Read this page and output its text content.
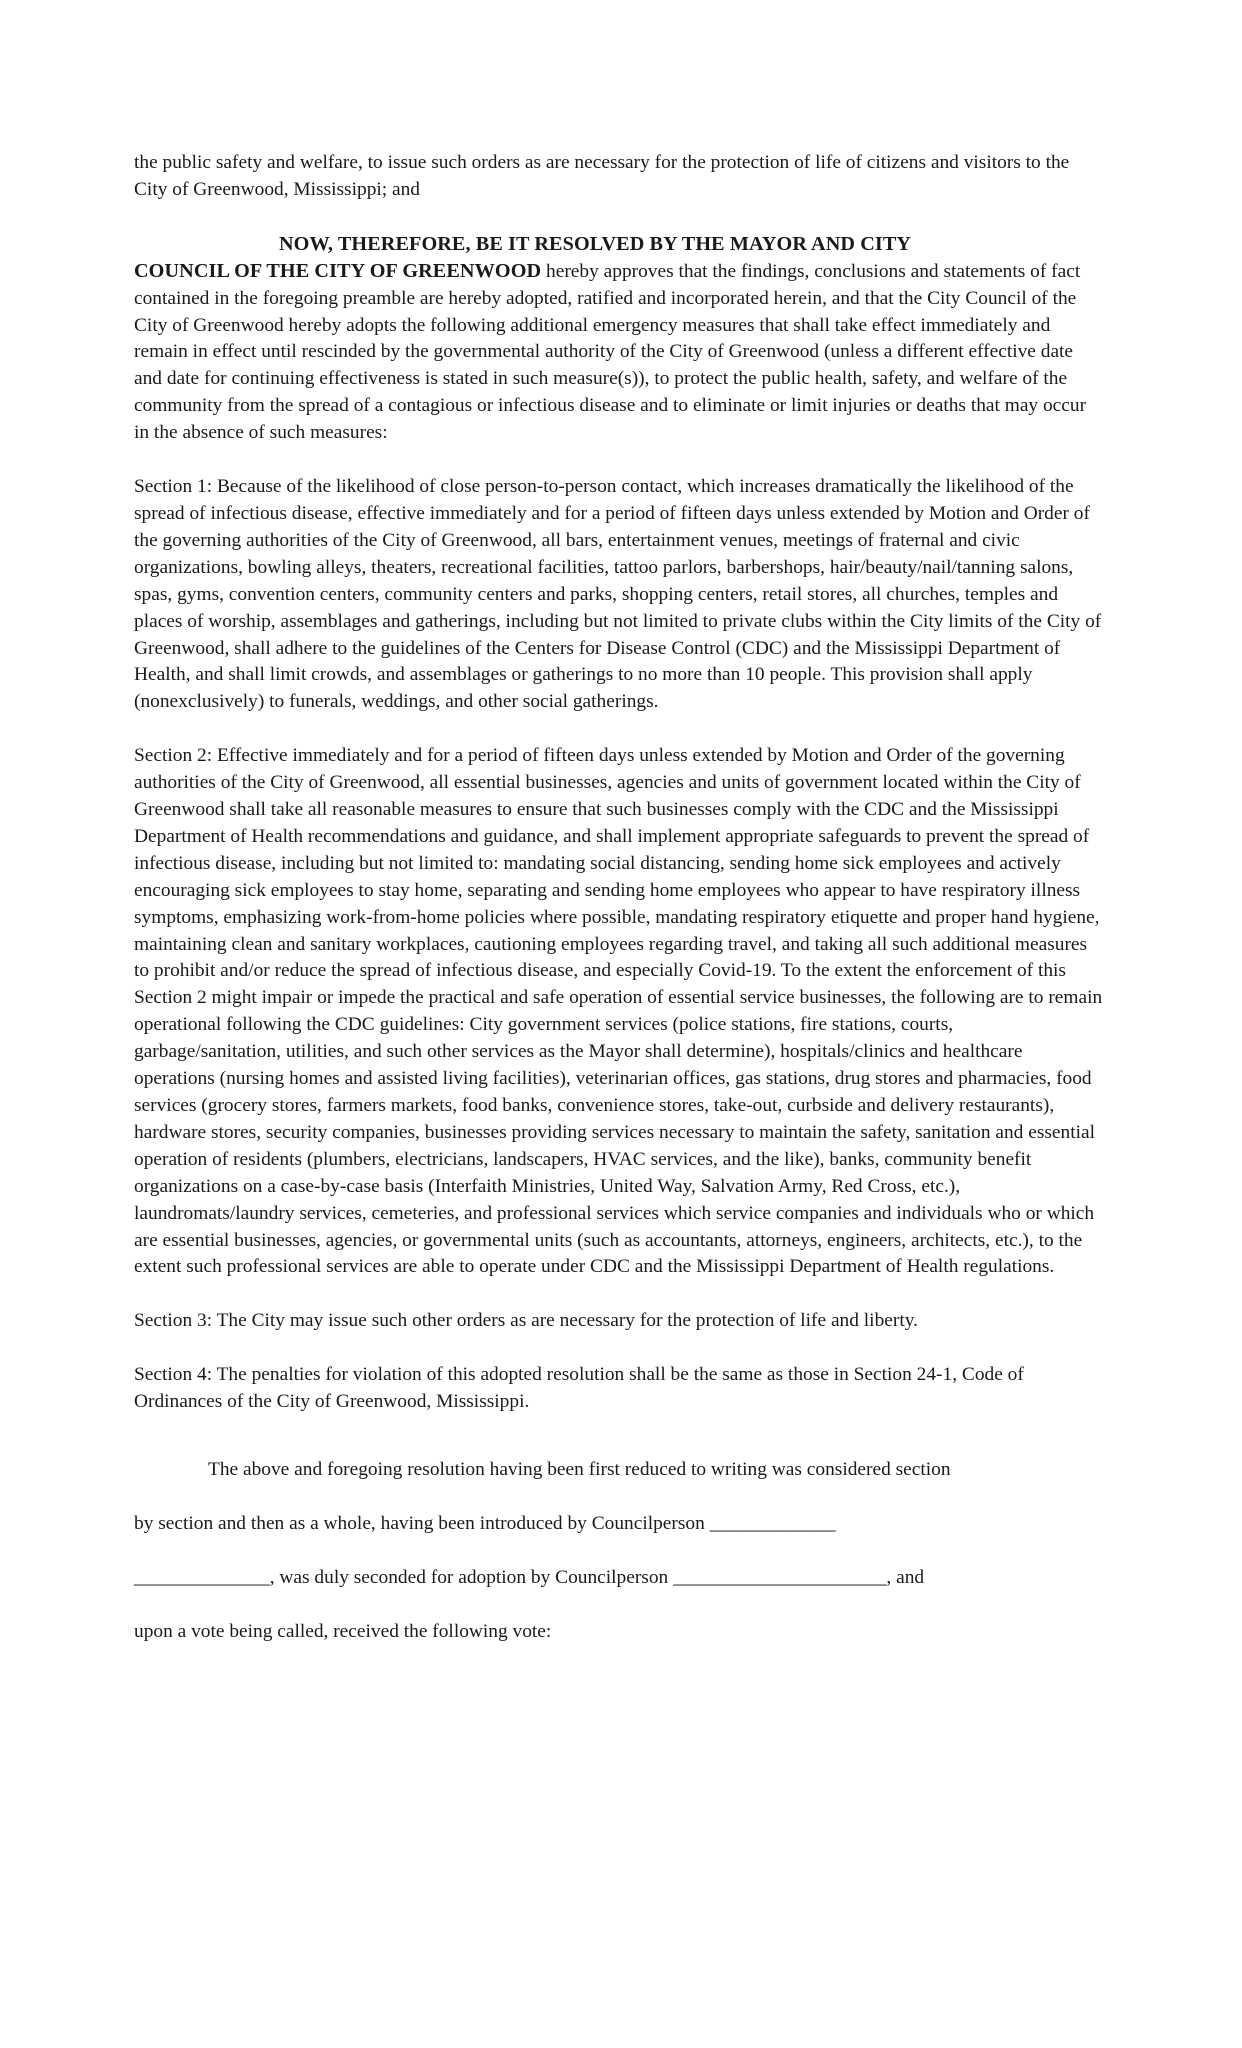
the public safety and welfare, to issue such orders as are necessary for the protection of life of citizens and visitors to the City of Greenwood, Mississippi; and

NOW, THEREFORE, BE IT RESOLVED BY THE MAYOR AND CITY
COUNCIL OF THE CITY OF GREENWOOD hereby approves that the findings, conclusions and statements of fact contained in the foregoing preamble are hereby adopted, ratified and incorporated herein, and that the City Council of the City of Greenwood hereby adopts the following additional emergency measures that shall take effect immediately and remain in effect until rescinded by the governmental authority of the City of Greenwood (unless a different effective date and date for continuing effectiveness is stated in such measure(s)), to protect the public health, safety, and welfare of the community from the spread of a contagious or infectious disease and to eliminate or limit injuries or deaths that may occur in the absence of such measures:

Section 1: Because of the likelihood of close person-to-person contact, which increases dramatically the likelihood of the spread of infectious disease, effective immediately and for a period of fifteen days unless extended by Motion and Order of the governing authorities of the City of Greenwood, all bars, entertainment venues, meetings of fraternal and civic organizations, bowling alleys, theaters, recreational facilities, tattoo parlors, barbershops, hair/beauty/nail/tanning salons, spas, gyms, convention centers, community centers and parks, shopping centers, retail stores, all churches, temples and places of worship, assemblages and gatherings, including but not limited to private clubs within the City limits of the City of Greenwood, shall adhere to the guidelines of the Centers for Disease Control (CDC) and the Mississippi Department of Health, and shall limit crowds, and assemblages or gatherings to no more than 10 people. This provision shall apply (nonexclusively) to funerals, weddings, and other social gatherings.

Section 2: Effective immediately and for a period of fifteen days unless extended by Motion and Order of the governing authorities of the City of Greenwood, all essential businesses, agencies and units of government located within the City of Greenwood shall take all reasonable measures to ensure that such businesses comply with the CDC and the Mississippi Department of Health recommendations and guidance, and shall implement appropriate safeguards to prevent the spread of infectious disease, including but not limited to: mandating social distancing, sending home sick employees and actively encouraging sick employees to stay home, separating and sending home employees who appear to have respiratory illness symptoms, emphasizing work-from-home policies where possible, mandating respiratory etiquette and proper hand hygiene, maintaining clean and sanitary workplaces, cautioning employees regarding travel, and taking all such additional measures to prohibit and/or reduce the spread of infectious disease, and especially Covid-19. To the extent the enforcement of this Section 2 might impair or impede the practical and safe operation of essential service businesses, the following are to remain operational following the CDC guidelines: City government services (police stations, fire stations, courts, garbage/sanitation, utilities, and such other services as the Mayor shall determine), hospitals/clinics and healthcare operations (nursing homes and assisted living facilities), veterinarian offices, gas stations, drug stores and pharmacies, food services (grocery stores, farmers markets, food banks, convenience stores, take-out, curbside and delivery restaurants), hardware stores, security companies, businesses providing services necessary to maintain the safety, sanitation and essential operation of residents (plumbers, electricians, landscapers, HVAC services, and the like), banks, community benefit organizations on a case-by-case basis (Interfaith Ministries, United Way, Salvation Army, Red Cross, etc.), laundromats/laundry services, cemeteries, and professional services which service companies and individuals who or which are essential businesses, agencies, or governmental units (such as accountants, attorneys, engineers, architects, etc.), to the extent such professional services are able to operate under CDC and the Mississippi Department of Health regulations.

Section 3: The City may issue such other orders as are necessary for the protection of life and liberty.

Section 4: The penalties for violation of this adopted resolution shall be the same as those in Section 24-1, Code of Ordinances of the City of Greenwood, Mississippi.

The above and foregoing resolution having been first reduced to writing was considered section

by section and then as a whole, having been introduced by Councilperson _____________

______________, was duly seconded for adoption by Councilperson ______________________, and

upon a vote being called, received the following vote:
